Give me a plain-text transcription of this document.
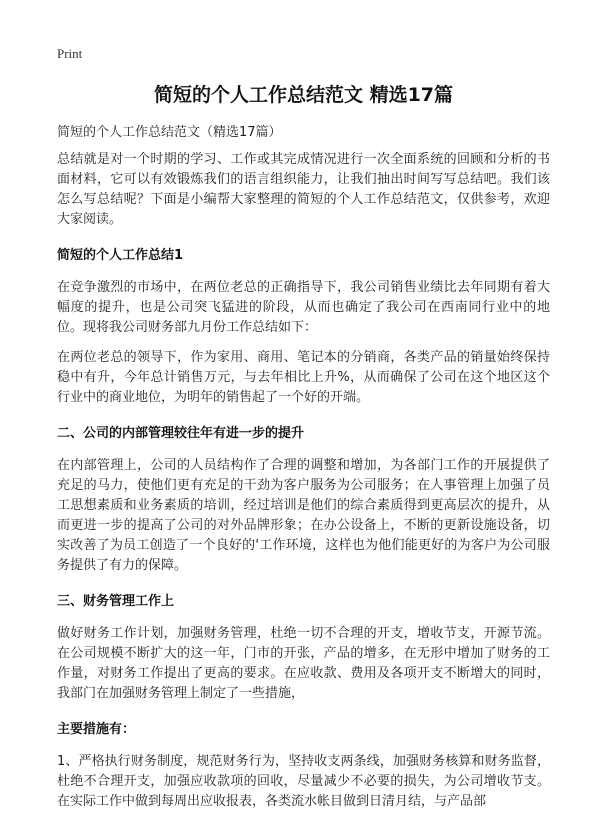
Print
简短的个人工作总结范文 精选17篇

简短的个人工作总结范文（精选17篇）

总结就是对一个时期的学习、工作或其完成情况进行一次全面系统的回顾和分析的书面材料，它可以有效锻炼我们的语言组织能力，让我们抽出时间写写总结吧。我们该怎么写总结呢？下面是小编帮大家整理的简短的个人工作总结范文，仅供参考，欢迎大家阅读。

简短的个人工作总结1

在竞争激烈的市场中，在两位老总的正确指导下，我公司销售业绩比去年同期有着大幅度的提升，也是公司突飞猛进的阶段，从而也确定了我公司在西南同行业中的地位。现将我公司财务部九月份工作总结如下：

在两位老总的领导下，作为家用、商用、笔记本的分销商，各类产品的销量始终保持稳中有升，今年总计销售万元，与去年相比上升%，从而确保了公司在这个地区这个行业中的商业地位，为明年的销售起了一个好的开端。

二、公司的内部管理较往年有进一步的提升

在内部管理上，公司的人员结构作了合理的调整和增加，为各部门工作的开展提供了充足的马力，使他们更有充足的干劲为客户服务为公司服务；在人事管理上加强了员工思想素质和业务素质的培训，经过培训是他们的综合素质得到更高层次的提升，从而更进一步的提高了公司的对外品牌形象；在办公设备上，不断的更新设施设备，切实改善了为员工创造了一个良好的'工作环境，这样也为他们能更好的为客户为公司服务提供了有力的保障。

三、财务管理工作上

做好财务工作计划，加强财务管理，杜绝一切不合理的开支，增收节支，开源节流。在公司规模不断扩大的这一年，门市的开张，产品的增多，在无形中增加了财务的工作量，对财务工作提出了更高的要求。在应收款、费用及各项开支不断增大的同时，我部门在加强财务管理上制定了一些措施，

主要措施有：

1、严格执行财务制度，规范财务行为，坚持收支两条线，加强财务核算和财务监督，杜绝不合理开支，加强应收款项的回收，尽量减少不必要的损失，为公司增收节支。在实际工作中做到每周出应收报表，各类流水帐目做到日清月结，与产品部
